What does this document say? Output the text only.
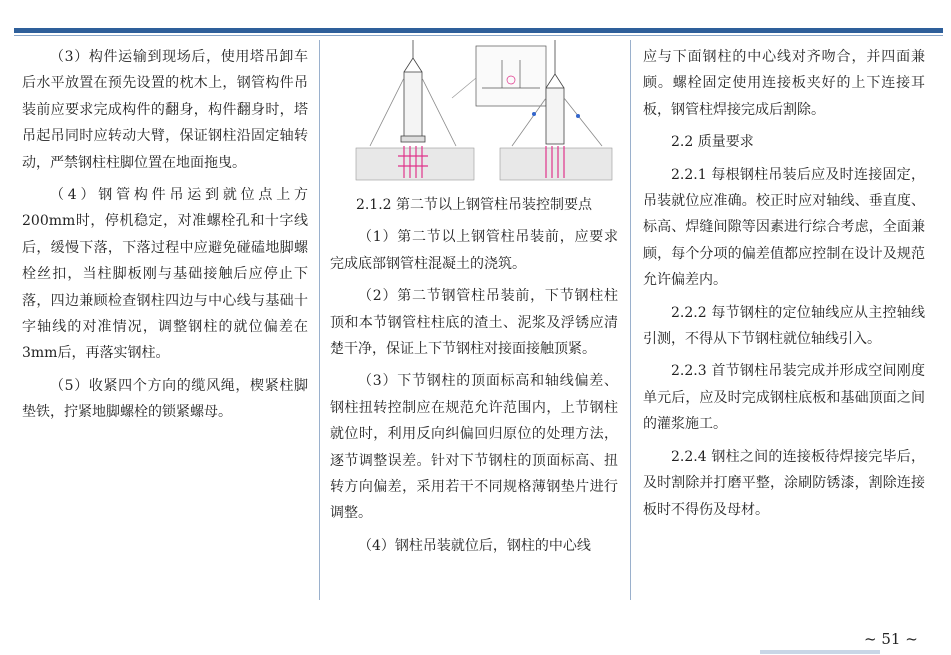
（3）构件运输到现场后，使用塔吊卸车后水平放置在预先设置的枕木上，钢管构件吊装前应要求完成构件的翻身，构件翻身时，塔吊起吊同时应转动大臂，保证钢柱沿固定轴转动，严禁钢柱柱脚位置在地面拖曳。

（4）钢管构件吊运到就位点上方200mm时，停机稳定，对准螺栓孔和十字线后，缓慢下落，下落过程中应避免碰磕地脚螺栓丝扣，当柱脚板刚与基础接触后应停止下落，四边兼顾检查钢柱四边与中心线与基础十字轴线的对准情况，调整钢柱的就位偏差在3mm后，再落实钢柱。

（5）收紧四个方向的缆风绳，楔紧柱脚垫铁，拧紧地脚螺栓的锁紧螺母。

2.1.2 第二节以上钢管柱吊装控制要点

（1）第二节以上钢管柱吊装前，应要求完成底部钢管柱混凝土的浇筑。

（2）第二节钢管柱吊装前，下节钢柱柱顶和本节钢管柱柱底的渣土、泥浆及浮锈应清楚干净，保证上下节钢柱对接面接触顶紧。

（3）下节钢柱的顶面标高和轴线偏差、钢柱扭转控制应在规范允许范围内，上节钢柱就位时，利用反向纠偏回归原位的处理方法，逐节调整误差。针对下节钢柱的顶面标高、扭转方向偏差，采用若干不同规格薄钢垫片进行调整。

（4）钢柱吊装就位后，钢柱的中心线

应与下面钢柱的中心线对齐吻合，并四面兼顾。螺栓固定使用连接板夹好的上下连接耳板，钢管柱焊接完成后割除。

2.2 质量要求

2.2.1 每根钢柱吊装后应及时连接固定，吊装就位应准确。校正时应对轴线、垂直度、标高、焊缝间隙等因素进行综合考虑，全面兼顾，每个分项的偏差值都应控制在设计及规范允许偏差内。

2.2.2 每节钢柱的定位轴线应从主控轴线引测，不得从下节钢柱就位轴线引入。

2.2.3 首节钢柱吊装完成并形成空间刚度单元后，应及时完成钢柱底板和基础顶面之间的灌浆施工。

2.2.4 钢柱之间的连接板待焊接完毕后，及时割除并打磨平整，涂刷防锈漆，割除连接板时不得伤及母材。

~ 51 ~
